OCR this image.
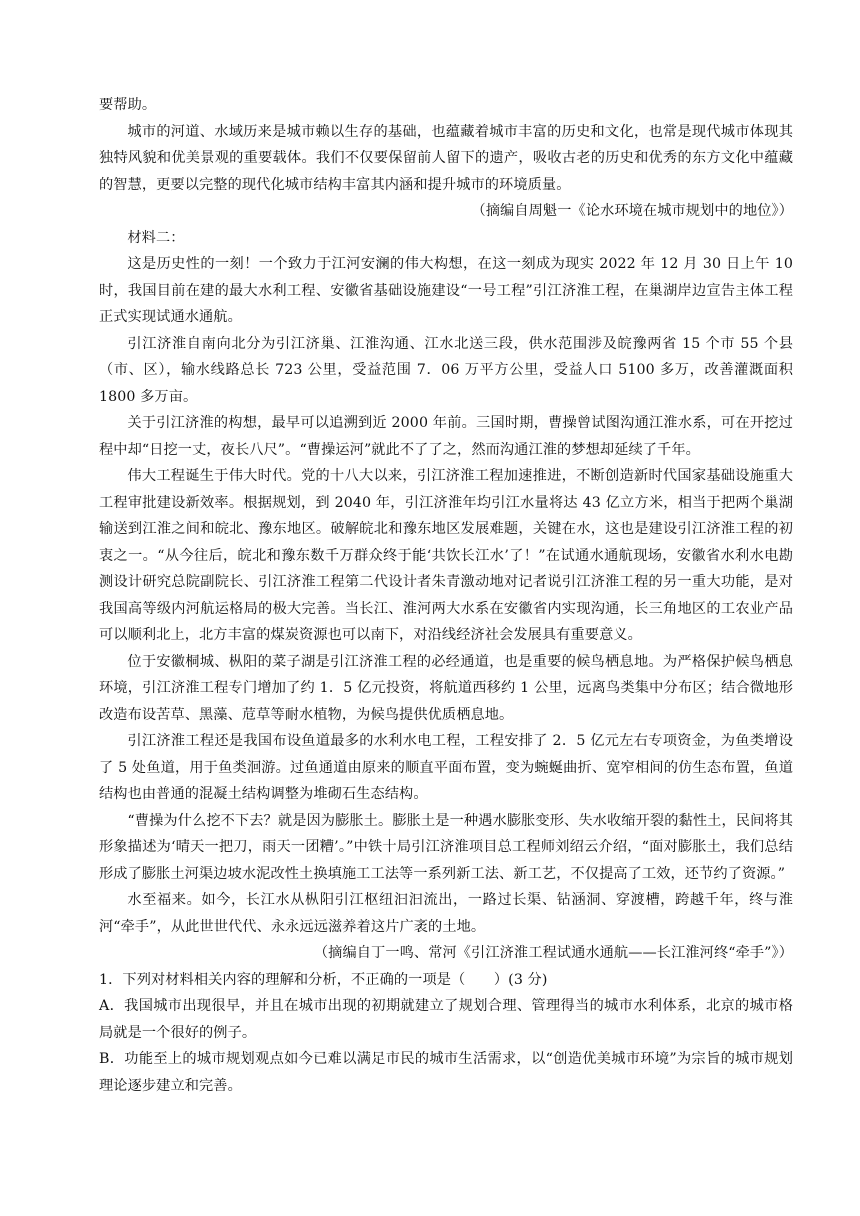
要帮助。

城市的河道、水域历来是城市赖以生存的基础，也蕴藏着城市丰富的历史和文化，也常是现代城市体现其独特风貌和优美景观的重要载体。我们不仅要保留前人留下的遗产，吸收古老的历史和优秀的东方文化中蕴藏的智慧，更要以完整的现代化城市结构丰富其内涵和提升城市的环境质量。

（摘编自周魁一《论水环境在城市规划中的地位》）

材料二：

这是历史性的一刻！一个致力于江河安澜的伟大构想，在这一刻成为现实 2022 年 12 月 30 日上午 10 时，我国目前在建的最大水利工程、安徽省基础设施建设“一号工程”引江济淮工程，在巢湖岸边宣告主体工程正式实现试通水通航。

引江济淮自南向北分为引江济巢、江淮沟通、江水北送三段，供水范围涉及皖豫两省 15 个市 55 个县（市、区），输水线路总长 723 公里，受益范围 7．06 万平方公里，受益人口 5100 多万，改善灌溉面积 1800 多万亩。

关于引江济淮的构想，最早可以追溯到近 2000 年前。三国时期，曹操曾试图沟通江淮水系，可在开挖过程中却“日挖一丈，夜长八尺”。“曹操运河”就此不了了之，然而沟通江淮的梦想却延续了千年。

伟大工程诞生于伟大时代。党的十八大以来，引江济淮工程加速推进，不断创造新时代国家基础设施重大工程审批建设新效率。根据规划，到 2040 年，引江济淮年均引江水量将达 43 亿立方米，相当于把两个巢湖输送到江淮之间和皖北、豫东地区。破解皖北和豫东地区发展难题，关键在水，这也是建设引江济淮工程的初衷之一。“从今往后，皖北和豫东数千万群众终于能‘共饮长江水’了！”在试通水通航现场，安徽省水利水电勘测设计研究总院副院长、引江济淮工程第二代设计者朱青激动地对记者说引江济淮工程的另一重大功能，是对我国高等级内河航运格局的极大完善。当长江、淮河两大水系在安徽省内实现沟通，长三角地区的工农业产品可以顺利北上，北方丰富的煤炭资源也可以南下，对沿线经济社会发展具有重要意义。

位于安徽桐城、枞阳的菜子湖是引江济淮工程的必经通道，也是重要的候鸟栖息地。为严格保护候鸟栖息环境，引江济淮工程专门增加了约 1．5 亿元投资，将航道西移约 1 公里，远离鸟类集中分布区；结合微地形改造布设苦草、黑藻、苊草等耐水植物，为候鸟提供优质栖息地。

引江济淮工程还是我国布设鱼道最多的水利水电工程，工程安排了 2．5 亿元左右专项资金，为鱼类增设了 5 处鱼道，用于鱼类洄游。过鱼通道由原来的顺直平面布置，变为蜿蜒曲折、宽窄相间的仿生态布置，鱼道结构也由普通的混凝土结构调整为堆砌石生态结构。

“曹操为什么挖不下去？就是因为膨胀土。膨胀土是一种遇水膨胀变形、失水收缩开裂的黏性土，民间将其形象描述为‘晴天一把刀，雨天一团糟’。”中铁十局引江济淮项目总工程师刘绍云介绍，“面对膨胀土，我们总结形成了膨胀土河渠边坡水泥改性土换填施工工法等一系列新工法、新工艺，不仅提高了工效，还节约了资源。”

水至福来。如今，长江水从枞阳引江枢纽汩汩流出，一路过长渠、钻涵洞、穿渡槽，跨越千年，终与淮河“牵手”，从此世世代代、永永远远滋养着这片广袤的土地。

（摘编自丁一鸣、常河《引江济淮工程试通水通航——长江淮河终“牵手”》）

1．下列对材料相关内容的理解和分析，不正确的一项是（　　）(3 分)

A．我国城市出现很早，并且在城市出现的初期就建立了规划合理、管理得当的城市水利体系，北京的城市格局就是一个很好的例子。

B．功能至上的城市规划观点如今已难以满足市民的城市生活需求，以“创造优美城市环境”为宗旨的城市规划理论逐步建立和完善。
